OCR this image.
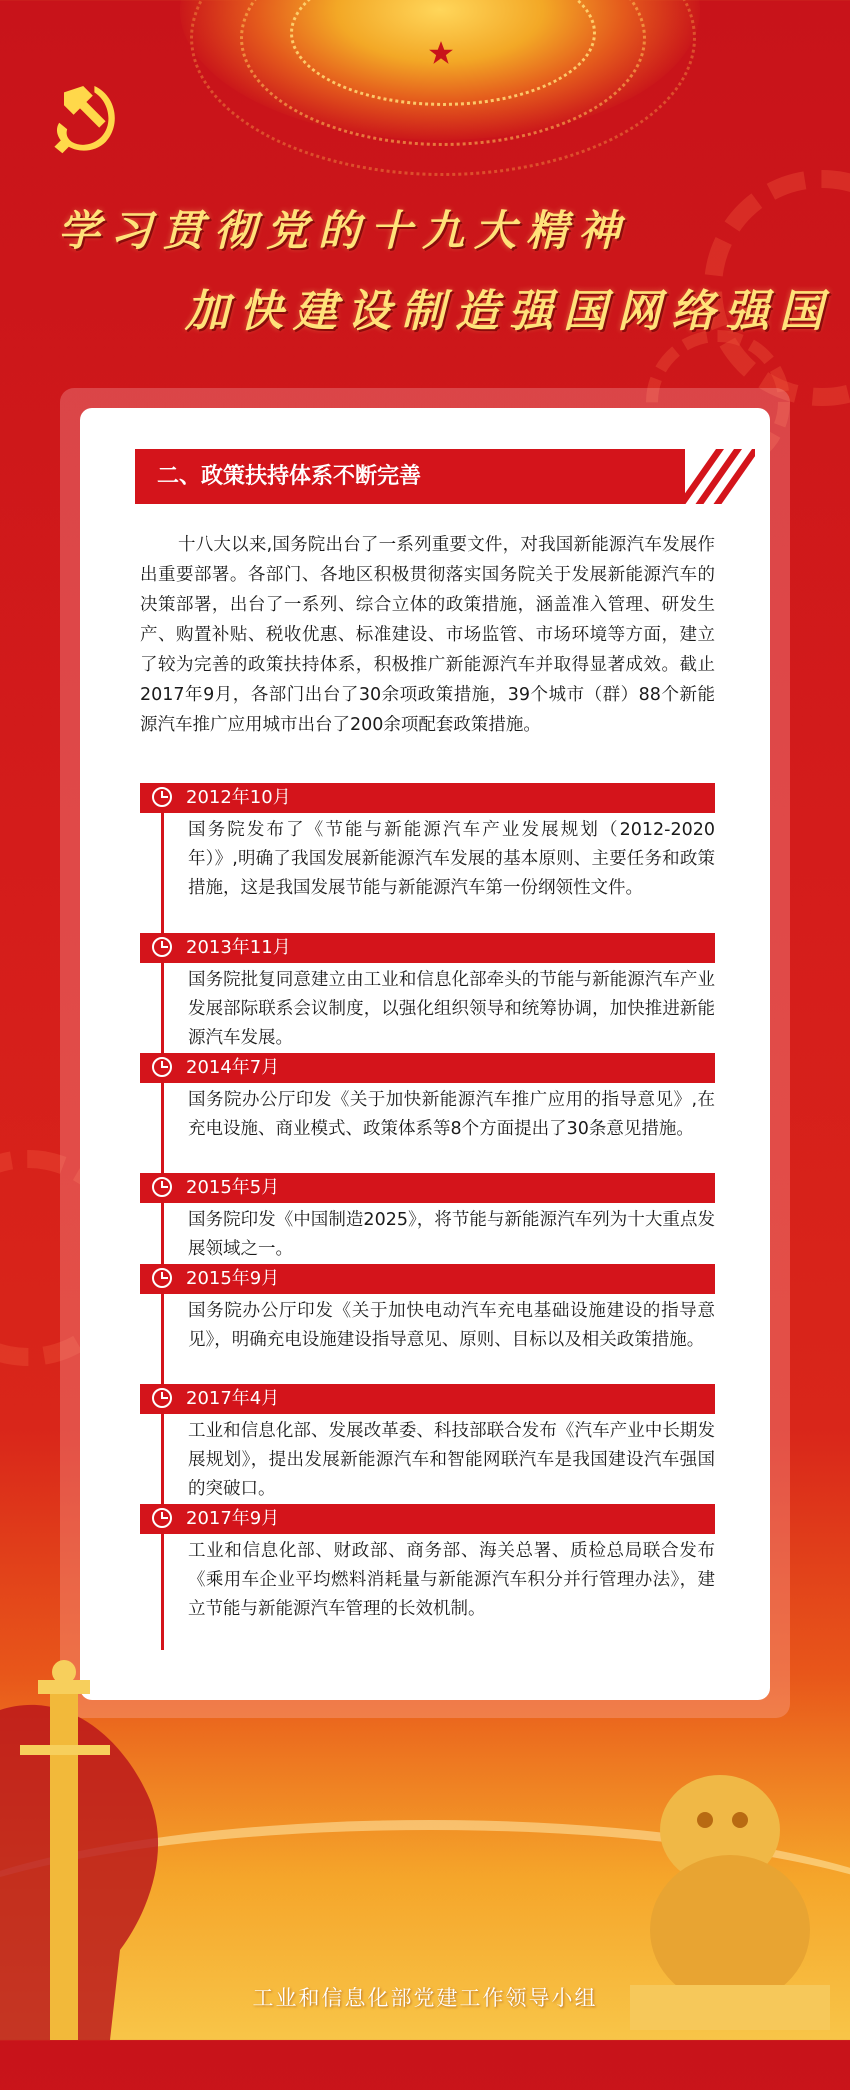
学习贯彻党的十九大精神
加快建设制造强国网络强国
二、政策扶持体系不断完善

十八大以来,国务院出台了一系列重要文件，对我国新能源汽车发展作出重要部署。各部门、各地区积极贯彻落实国务院关于发展新能源汽车的决策部署，出台了一系列、综合立体的政策措施，涵盖准入管理、研发生产、购置补贴、税收优惠、标准建设、市场监管、市场环境等方面，建立了较为完善的政策扶持体系，积极推广新能源汽车并取得显著成效。截止2017年9月，各部门出台了30余项政策措施，39个城市（群）88个新能源汽车推广应用城市出台了200余项配套政策措施。

2012年10月
国务院发布了《节能与新能源汽车产业发展规划（2012-2020年）》,明确了我国发展新能源汽车发展的基本原则、主要任务和政策措施，这是我国发展节能与新能源汽车第一份纲领性文件。
2013年11月
国务院批复同意建立由工业和信息化部牵头的节能与新能源汽车产业发展部际联系会议制度，以强化组织领导和统筹协调，加快推进新能源汽车发展。
2014年7月
国务院办公厅印发《关于加快新能源汽车推广应用的指导意见》,在充电设施、商业模式、政策体系等8个方面提出了30条意见措施。
2015年5月
国务院印发《中国制造2025》，将节能与新能源汽车列为十大重点发展领域之一。
2015年9月
国务院办公厅印发《关于加快电动汽车充电基础设施建设的指导意见》，明确充电设施建设指导意见、原则、目标以及相关政策措施。
2017年4月
工业和信息化部、发展改革委、科技部联合发布《汽车产业中长期发展规划》，提出发展新能源汽车和智能网联汽车是我国建设汽车强国的突破口。
2017年9月
工业和信息化部、财政部、商务部、海关总署、质检总局联合发布《乘用车企业平均燃料消耗量与新能源汽车积分并行管理办法》，建立节能与新能源汽车管理的长效机制。
工业和信息化部党建工作领导小组
